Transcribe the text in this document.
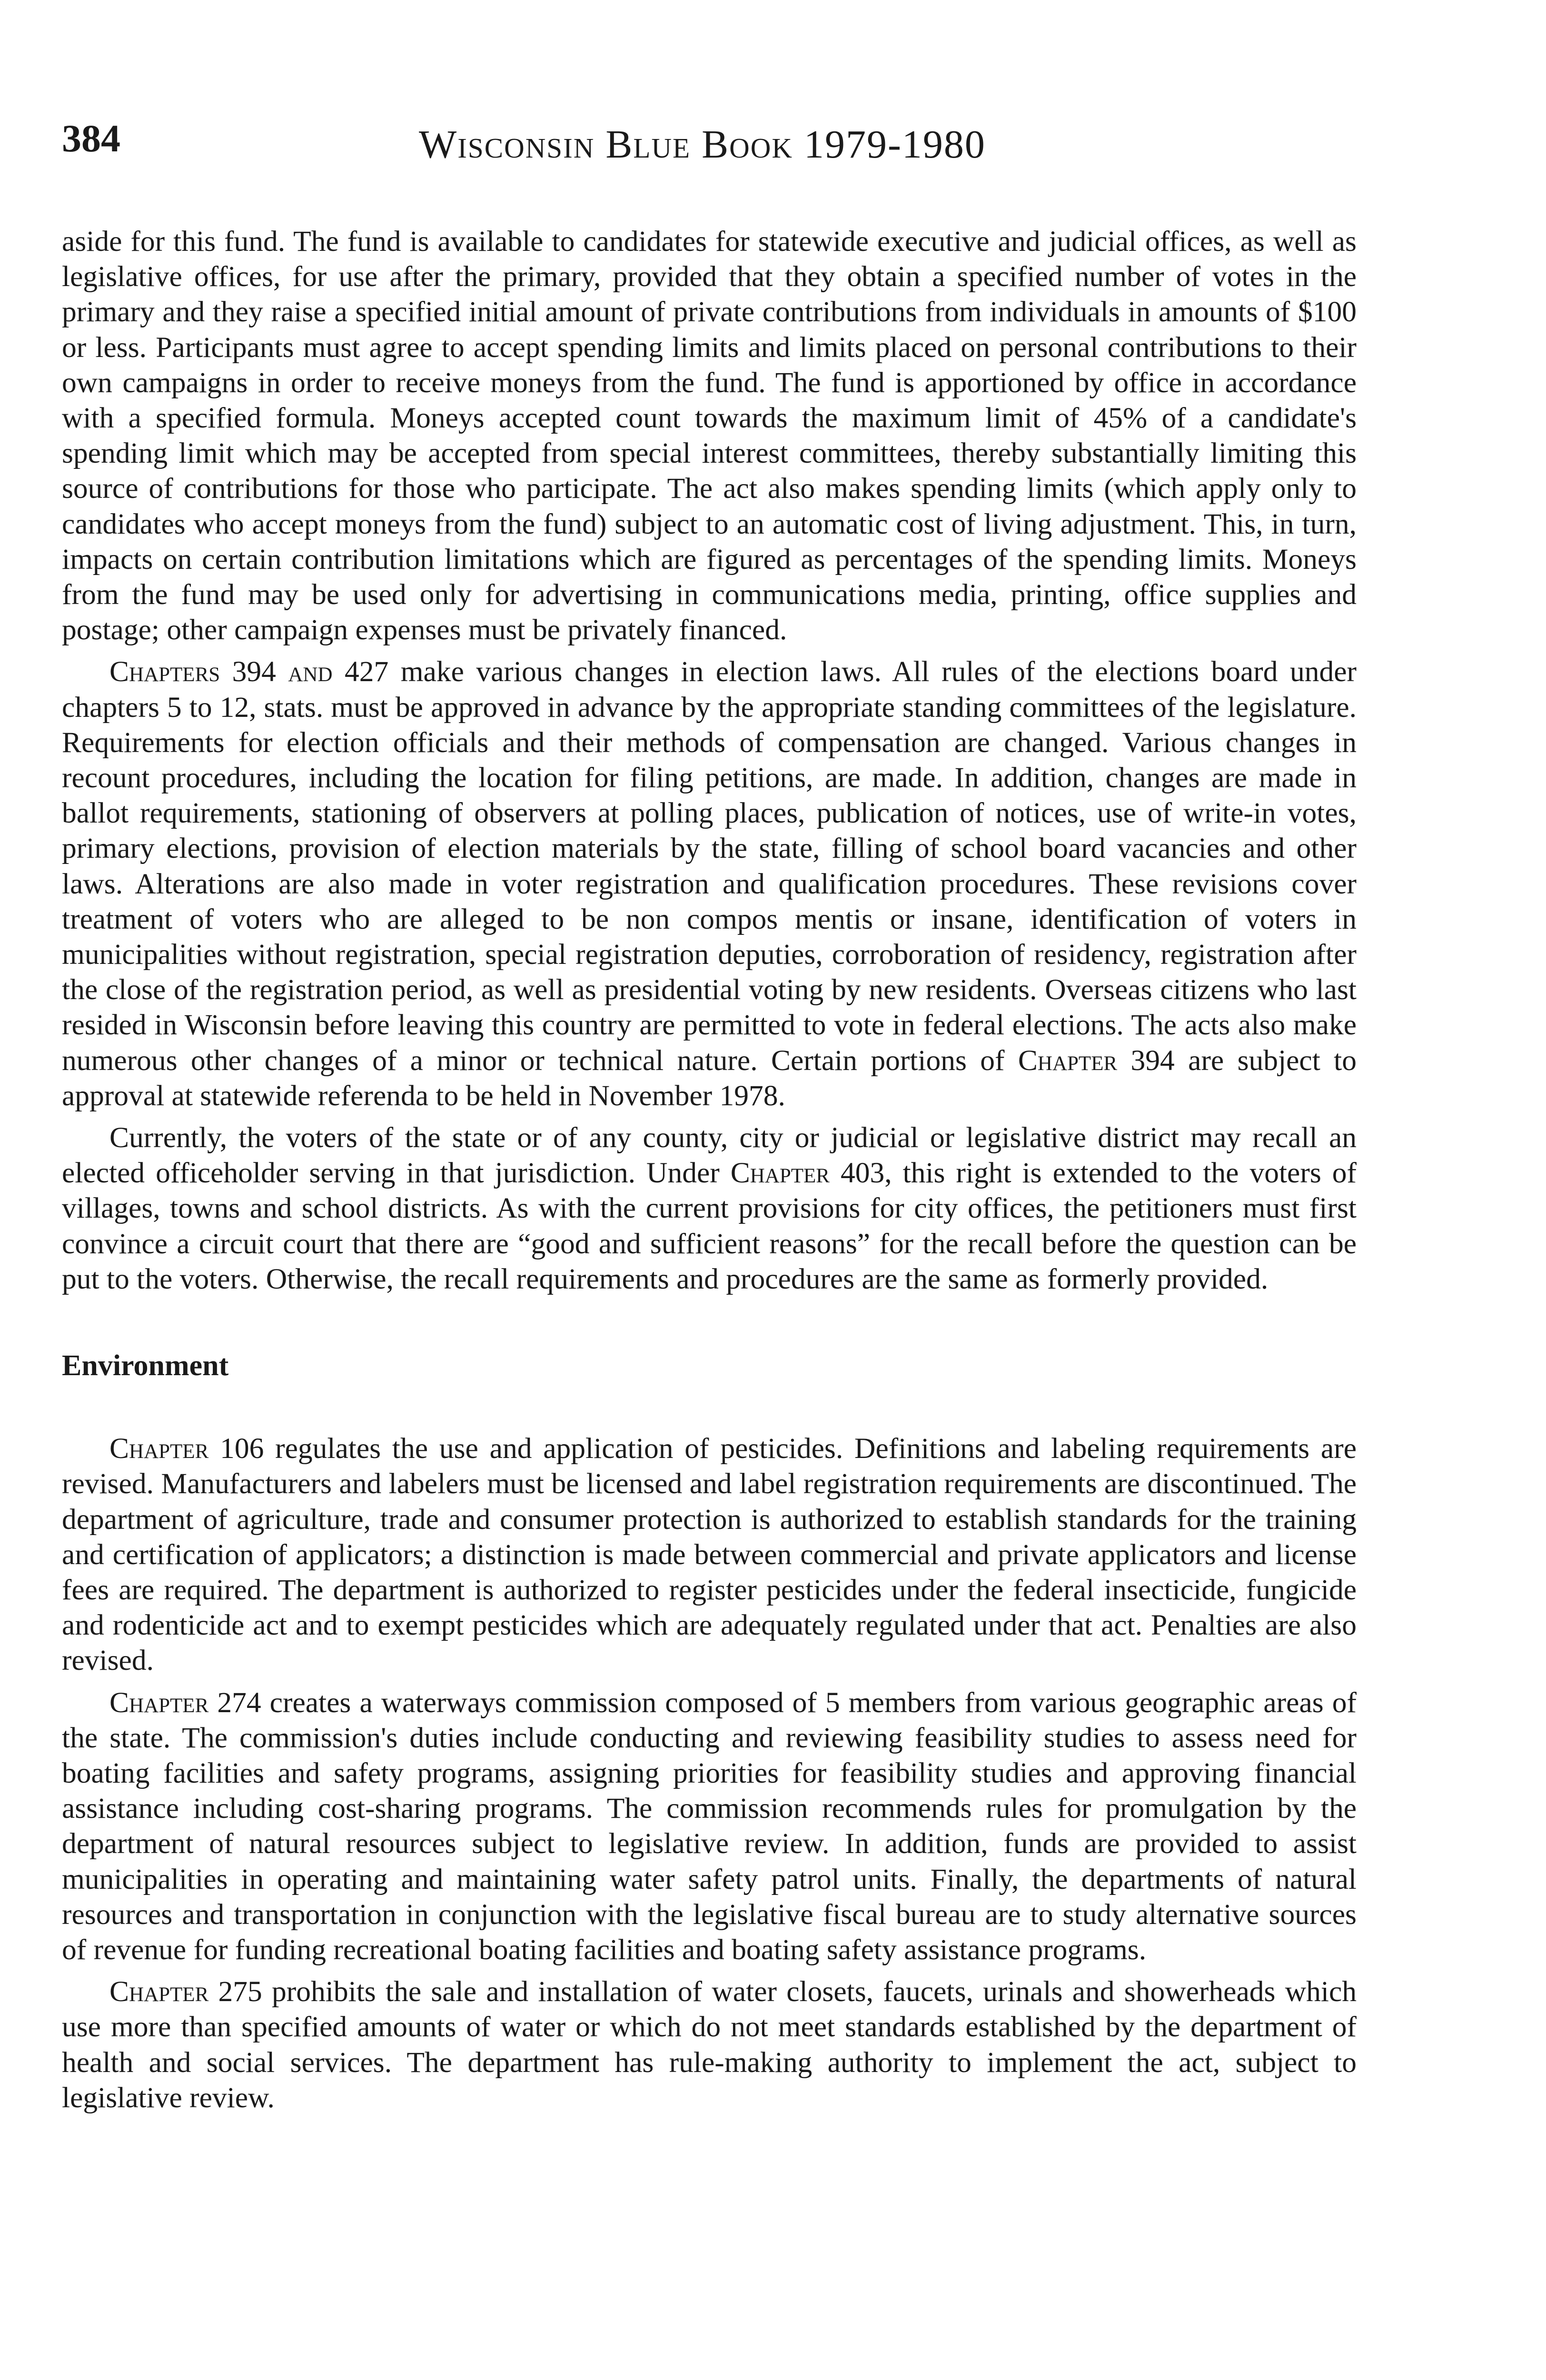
384	Wisconsin Blue Book 1979-1980

aside for this fund. The fund is available to candidates for statewide executive and judicial offices, as well as legislative offices, for use after the primary, provided that they obtain a specified number of votes in the primary and they raise a specified initial amount of private contributions from individuals in amounts of $100 or less. Participants must agree to accept spending limits and limits placed on personal contributions to their own campaigns in order to receive moneys from the fund. The fund is apportioned by office in accordance with a specified formula. Moneys accepted count towards the maximum limit of 45% of a candidate's spending limit which may be accepted from special interest committees, thereby substantially limiting this source of contributions for those who participate. The act also makes spending limits (which apply only to candidates who accept moneys from the fund) subject to an automatic cost of living adjustment. This, in turn, impacts on certain contribution limitations which are figured as percentages of the spending limits. Moneys from the fund may be used only for advertising in communications media, printing, office supplies and postage; other campaign expenses must be privately financed.

Chapters 394 and 427 make various changes in election laws. All rules of the elections board under chapters 5 to 12, stats. must be approved in advance by the appropriate standing committees of the legislature. Requirements for election officials and their methods of compensation are changed. Various changes in recount procedures, including the location for filing petitions, are made. In addition, changes are made in ballot requirements, stationing of observers at polling places, publication of notices, use of write-in votes, primary elections, provision of election materials by the state, filling of school board vacancies and other laws. Alterations are also made in voter registration and qualification procedures. These revisions cover treatment of voters who are alleged to be non compos mentis or insane, identification of voters in municipalities without registration, special registration deputies, corroboration of residency, registration after the close of the registration period, as well as presidential voting by new residents. Overseas citizens who last resided in Wisconsin before leaving this country are permitted to vote in federal elections. The acts also make numerous other changes of a minor or technical nature. Certain portions of Chapter 394 are subject to approval at statewide referenda to be held in November 1978.

Currently, the voters of the state or of any county, city or judicial or legislative district may recall an elected officeholder serving in that jurisdiction. Under Chapter 403, this right is extended to the voters of villages, towns and school districts. As with the current provisions for city offices, the petitioners must first convince a circuit court that there are “good and sufficient reasons” for the recall before the question can be put to the voters. Otherwise, the recall requirements and procedures are the same as formerly provided.

Environment

Chapter 106 regulates the use and application of pesticides. Definitions and labeling requirements are revised. Manufacturers and labelers must be licensed and label registration requirements are discontinued. The department of agriculture, trade and consumer protection is authorized to establish standards for the training and certification of applicators; a distinction is made between commercial and private applicators and license fees are required. The department is authorized to register pesticides under the federal insecticide, fungicide and rodenticide act and to exempt pesticides which are adequately regulated under that act. Penalties are also revised.

Chapter 274 creates a waterways commission composed of 5 members from various geographic areas of the state. The commission's duties include conducting and reviewing feasibility studies to assess need for boating facilities and safety programs, assigning priorities for feasibility studies and approving financial assistance including cost-sharing programs. The commission recommends rules for promulgation by the department of natural resources subject to legislative review. In addition, funds are provided to assist municipalities in operating and maintaining water safety patrol units. Finally, the departments of natural resources and transportation in conjunction with the legislative fiscal bureau are to study alternative sources of revenue for funding recreational boating facilities and boating safety assistance programs.

Chapter 275 prohibits the sale and installation of water closets, faucets, urinals and showerheads which use more than specified amounts of water or which do not meet standards established by the department of health and social services. The department has rule-making authority to implement the act, subject to legislative review.
